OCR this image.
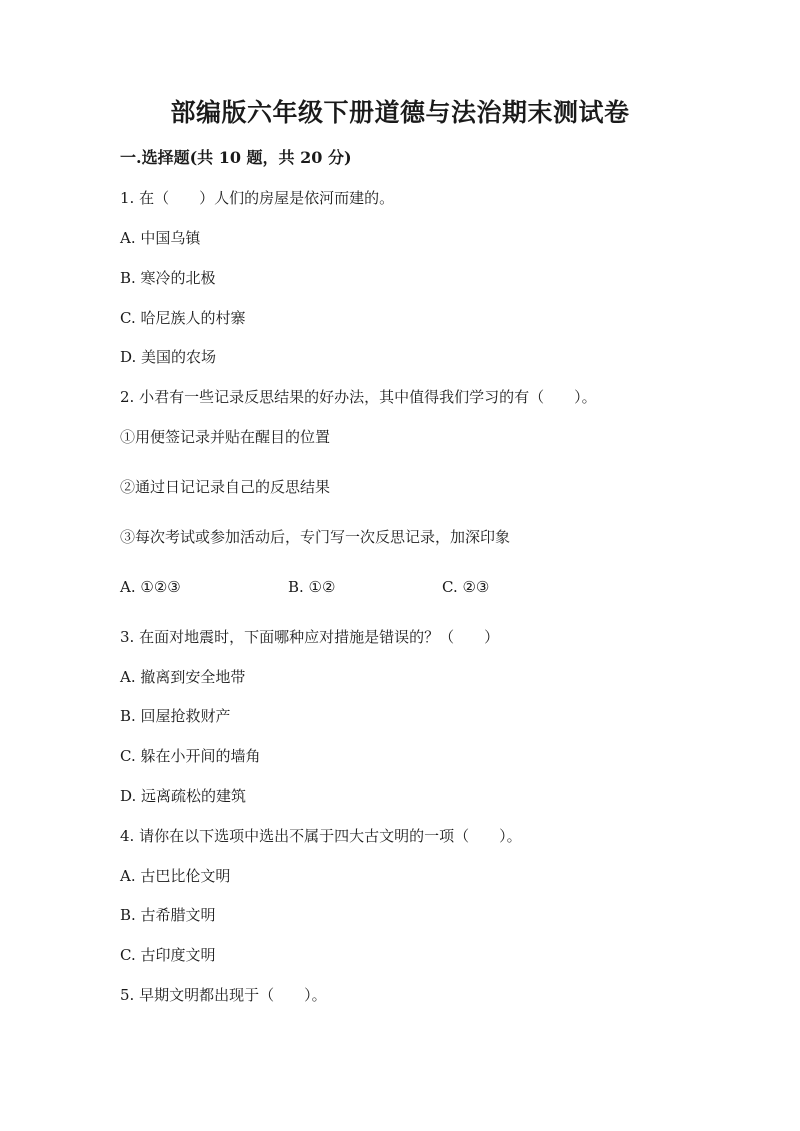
部编版六年级下册道德与法治期末测试卷
一.选择题(共 10 题，共 20 分)
1. 在（　　）人们的房屋是依河而建的。
A. 中国乌镇
B. 寒冷的北极
C. 哈尼族人的村寨
D. 美国的农场
2. 小君有一些记录反思结果的好办法，其中值得我们学习的有（　　）。
①用便签记录并贴在醒目的位置
②通过日记记录自己的反思结果
③每次考试或参加活动后，专门写一次反思记录，加深印象
A. ①②③	B. ①②	C. ②③
3. 在面对地震时，下面哪种应对措施是错误的？（　　）
A. 撤离到安全地带
B. 回屋抢救财产
C. 躲在小开间的墙角
D. 远离疏松的建筑
4. 请你在以下选项中选出不属于四大古文明的一项（　　）。
A. 古巴比伦文明
B. 古希腊文明
C. 古印度文明
5. 早期文明都出现于（　　）。
